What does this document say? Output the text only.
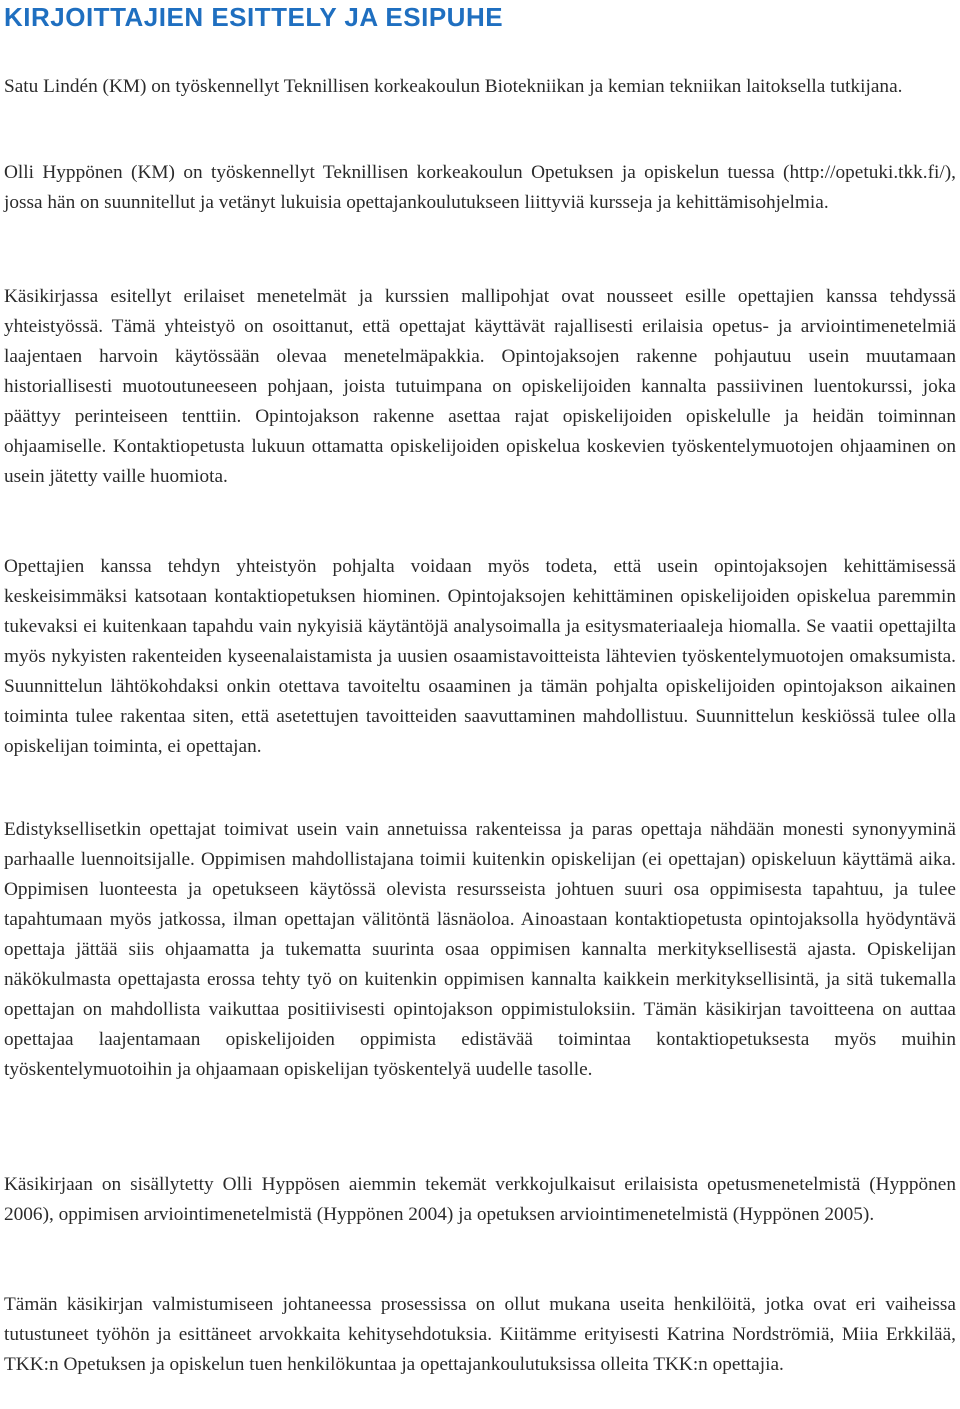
KIRJOITTAJIEN ESITTELY JA ESIPUHE

Satu Lindén (KM) on työskennellyt Teknillisen korkeakoulun Biotekniikan ja kemian tekniikan laitoksella tutkijana.

Olli Hyppönen (KM) on työskennellyt Teknillisen korkeakoulun Opetuksen ja opiskelun tuessa (http://opetuki.tkk.fi/), jossa hän on suunnitellut ja vetänyt lukuisia opettajankoulutukseen liittyviä kursseja ja kehittämisohjelmia.

Käsikirjassa esitellyt erilaiset menetelmät ja kurssien mallipohjat ovat nousseet esille opettajien kanssa tehdyssä yhteistyössä. Tämä yhteistyö on osoittanut, että opettajat käyttävät rajallisesti erilaisia opetus- ja arviointimenetelmiä laajentaen harvoin käytössään olevaa menetelmäpakkia. Opintojaksojen rakenne pohjautuu usein muutamaan historiallisesti muotoutuneeseen pohjaan, joista tutuimpana on opiskelijoiden kannalta passiivinen luentokurssi, joka päättyy perinteiseen tenttiin. Opintojakson rakenne asettaa rajat opiskelijoiden opiskelulle ja heidän toiminnan ohjaamiselle. Kontaktiopetusta lukuun ottamatta opiskelijoiden opiskelua koskevien työskentelymuotojen ohjaaminen on usein jätetty vaille huomiota.

Opettajien kanssa tehdyn yhteistyön pohjalta voidaan myös todeta, että usein opintojaksojen kehittämisessä keskeisimmäksi katsotaan kontaktiopetuksen hiominen. Opintojaksojen kehittäminen opiskelijoiden opiskelua paremmin tukevaksi ei kuitenkaan tapahdu vain nykyisiä käytäntöjä analysoimalla ja esitysmateriaaleja hiomalla. Se vaatii opettajilta myös nykyisten rakenteiden kyseenalaistamista ja uusien osaamistavoitteista lähtevien työskentelymuotojen omaksumista. Suunnittelun lähtökohdaksi onkin otettava tavoiteltu osaaminen ja tämän pohjalta opiskelijoiden opintojakson aikainen toiminta tulee rakentaa siten, että asetettujen tavoitteiden saavuttaminen mahdollistuu. Suunnittelun keskiössä tulee olla opiskelijan toiminta, ei opettajan.

Edistyksellisetkin opettajat toimivat usein vain annetuissa rakenteissa ja paras opettaja nähdään monesti synonyyminä parhaalle luennoitsijalle. Oppimisen mahdollistajana toimii kuitenkin opiskelijan (ei opettajan) opiskeluun käyttämä aika. Oppimisen luonteesta ja opetukseen käytössä olevista resursseista johtuen suuri osa oppimisesta tapahtuu, ja tulee tapahtumaan myös jatkossa, ilman opettajan välitöntä läsnäoloa. Ainoastaan kontaktiopetusta opintojaksolla hyödyntävä opettaja jättää siis ohjaamatta ja tukematta suurinta osaa oppimisen kannalta merkityksellisestä ajasta. Opiskelijan näkökulmasta opettajasta erossa tehty työ on kuitenkin oppimisen kannalta kaikkein merkityksellisintä, ja sitä tukemalla opettajan on mahdollista vaikuttaa positiivisesti opintojakson oppimistuloksiin. Tämän käsikirjan tavoitteena on auttaa opettajaa laajentamaan opiskelijoiden oppimista edistävää toimintaa kontaktiopetuksesta myös muihin työskentelymuotoihin ja ohjaamaan opiskelijan työskentelyä uudelle tasolle.

Käsikirjaan on sisällytetty Olli Hyppösen aiemmin tekemät verkkojulkaisut erilaisista opetusmenetelmistä (Hyppönen 2006), oppimisen arviointimenetelmistä (Hyppönen 2004) ja opetuksen arviointimenetelmistä (Hyppönen 2005).

Tämän käsikirjan valmistumiseen johtaneessa prosessissa on ollut mukana useita henkilöitä, jotka ovat eri vaiheissa tutustuneet työhön ja esittäneet arvokkaita kehitysehdotuksia. Kiitämme erityisesti Katrina Nordströmiä, Miia Erkkilää, TKK:n Opetuksen ja opiskelun tuen henkilökuntaa ja opettajankoulutuksissa olleita TKK:n opettajia.
